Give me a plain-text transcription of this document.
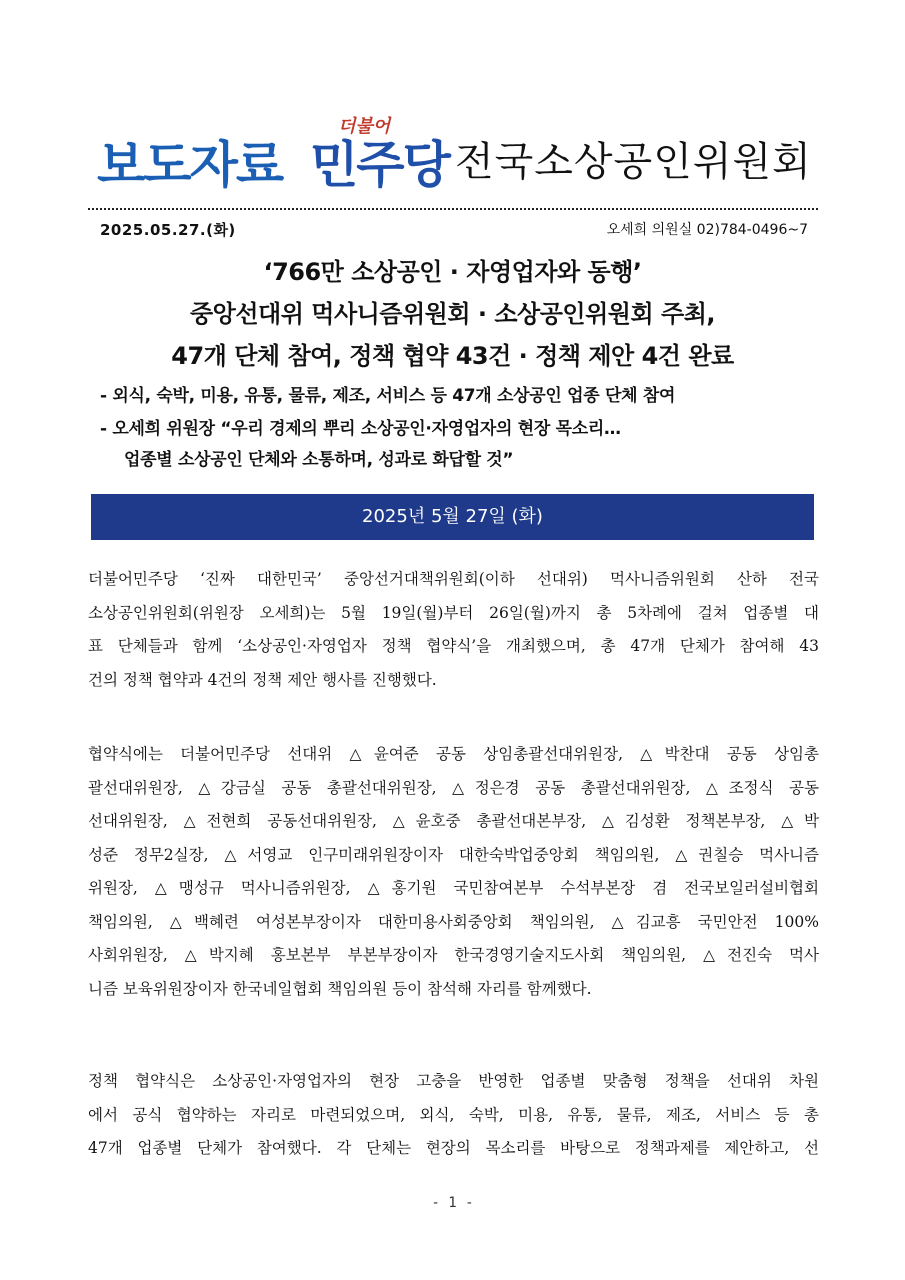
보도자료
더불어
민주당 전국소상공인위원회
2025.05.27.(화)	오세희 의원실 02)784-0496~7
‘766만 소상공인 · 자영업자와 동행’
중앙선대위 먹사니즘위원회 · 소상공인위원회 주최,
47개 단체 참여, 정책 협약 43건 · 정책 제안 4건 완료
- 외식, 숙박, 미용, 유통, 물류, 제조, 서비스 등 47개 소상공인 업종 단체 참여
- 오세희 위원장 “우리 경제의 뿌리 소상공인·자영업자의 현장 목소리…
업종별 소상공인 단체와 소통하며, 성과로 화답할 것”
2025년 5월 27일 (화)

더불어민주당 ‘진짜 대한민국’ 중앙선거대책위원회(이하 선대위) 먹사니즘위원회 산하 전국

소상공인위원회(위원장 오세희)는 5월 19일(월)부터 26일(월)까지 총 5차례에 걸쳐 업종별 대

표 단체들과 함께 ‘소상공인·자영업자 정책 협약식’을 개최했으며, 총 47개 단체가 참여해 43

건의 정책 협약과 4건의 정책 제안 행사를 진행했다.

협약식에는 더불어민주당 선대위 △윤여준 공동 상임총괄선대위원장, △박찬대 공동 상임총

괄선대위원장, △강금실 공동 총괄선대위원장, △정은경 공동 총괄선대위원장, △조정식 공동

선대위원장, △전현희 공동선대위원장, △윤호중 총괄선대본부장, △김성환 정책본부장, △박

성준 정무2실장, △서영교 인구미래위원장이자 대한숙박업중앙회 책임의원, △권칠승 먹사니즘

위원장, △맹성규 먹사니즘위원장, △홍기원 국민참여본부 수석부본장 겸 전국보일러설비협회

책임의원, △백혜련 여성본부장이자 대한미용사회중앙회 책임의원, △김교흥 국민안전 100%

사회위원장, △박지혜 홍보본부 부본부장이자 한국경영기술지도사회 책임의원, △전진숙 먹사

니즘 보육위원장이자 한국네일협회 책임의원 등이 참석해 자리를 함께했다.

정책 협약식은 소상공인·자영업자의 현장 고충을 반영한 업종별 맞춤형 정책을 선대위 차원

에서 공식 협약하는 자리로 마련되었으며, 외식, 숙박, 미용, 유통, 물류, 제조, 서비스 등 총

47개 업종별 단체가 참여했다. 각 단체는 현장의 목소리를 바탕으로 정책과제를 제안하고, 선

- 1 -
